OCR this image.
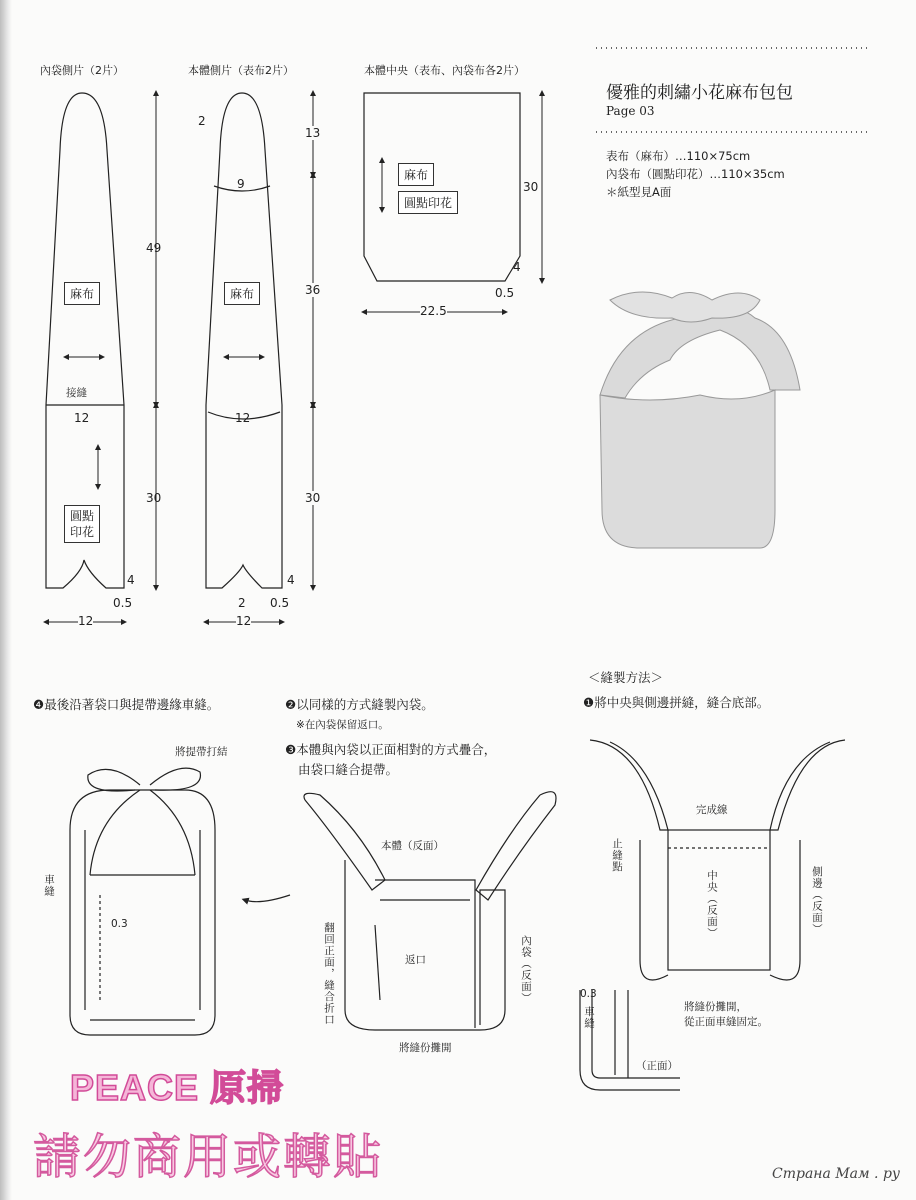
內袋側片（2片）	本體側片（表布2片）	本體中央（表布、內袋布各2片）
麻布
接縫
12
圓點
印花
49
30
4
0.5
12
2
9
麻布
12
13
36
30
2
4
0.5
12
麻布
圓點印花
30
4
0.5
22.5
優雅的刺繡小花麻布包包
Page 03
表布（麻布）…110×75cm
內袋布（圓點印花）…110×35cm
＊紙型見A面
＜縫製方法＞
❶將中央與側邊拼縫，縫合底部。
❷以同樣的方式縫製內袋。
※在內袋保留返口。
❸本體與內袋以正面相對的方式疊合，
由袋口縫合提帶。
❹最後沿著袋口與提帶邊緣車縫。
完成線
止縫點
中央（反面）	側邊（反面）
將縫份攤開，
從正面車縫固定。
0.3
車縫
（正面）
本體（反面）
翻回正面，縫合折口	返口	內袋（反面）
將縫份攤開
將提帶打結
車縫
0.3
PEACE 原掃
請勿商用或轉貼	Страна Мам . ру
